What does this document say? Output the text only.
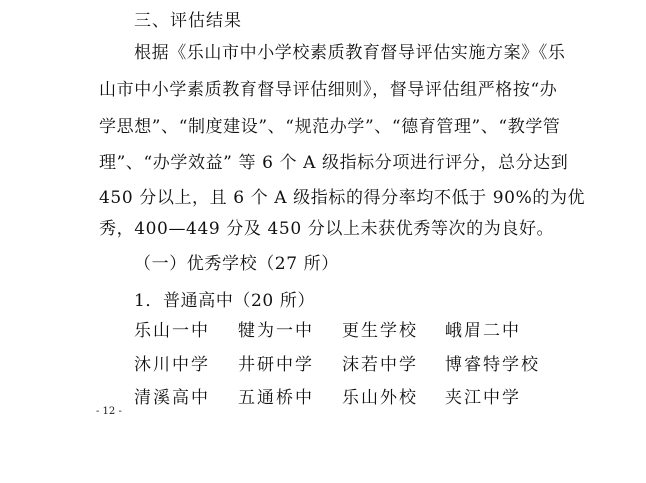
三、评估结果
根据《乐山市中小学校素质教育督导评估实施方案》《乐
山市中小学素质教育督导评估细则》，督导评估组严格按“办
学思想”、“制度建设”、“规范办学”、“德育管理”、“教学管
理”、“办学效益” 等 6 个 A 级指标分项进行评分，总分达到
450 分以上，且 6 个 A 级指标的得分率均不低于 90%的为优
秀，400—449 分及 450 分以上未获优秀等次的为良好。
（一）优秀学校（27 所）
1．普通高中（20 所）
乐山一中 犍为一中 更生学校 峨眉二中
沐川中学 井研中学 沫若中学 博睿特学校
清溪高中 五通桥中 乐山外校 夹江中学
- 12 -
